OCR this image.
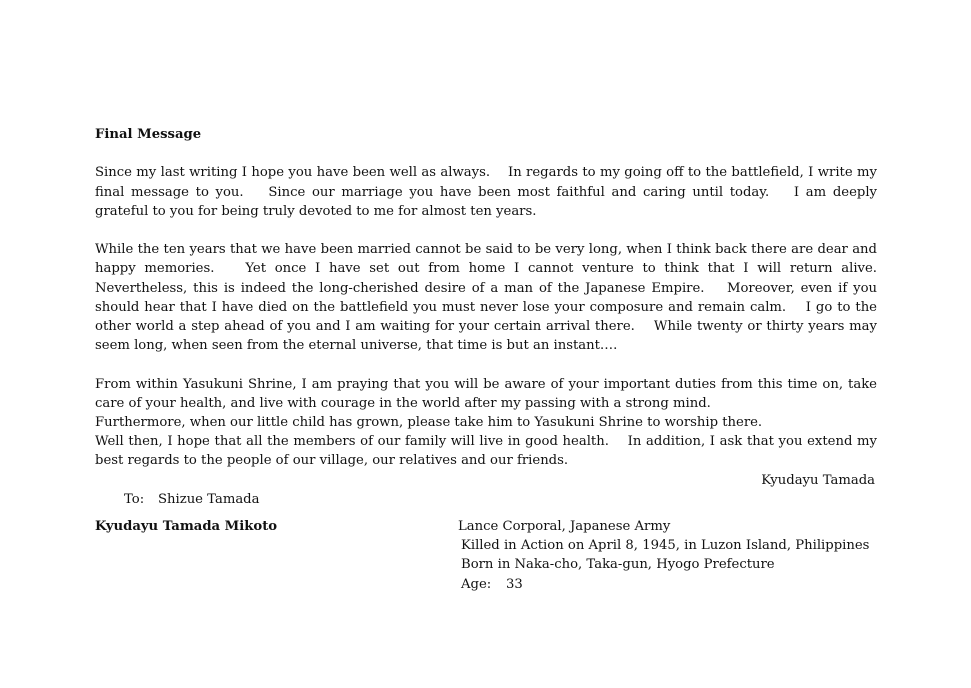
Final Message

Since my last writing I hope you have been well as always.　 In regards to my going off to the battlefield, I write my final message to you.　 Since our marriage you have been most faithful and caring until today.　 I am deeply grateful to you for being truly devoted to me for almost ten years.

While the ten years that we have been married cannot be said to be very long, when I think back there are dear and happy memories.　 Yet once I have set out from home I cannot venture to think that I will return alive.　 Nevertheless, this is indeed the long-cherished desire of a man of the Japanese Empire.　 Moreover, even if you should hear that I have died on the battlefield you must never lose your composure and remain calm.　 I go to the other world a step ahead of you and I am waiting for your certain arrival there.　 While twenty or thirty years may seem long, when seen from the eternal universe, that time is but an instant….

From within Yasukuni Shrine, I am praying that you will be aware of your important duties from this time on, take care of your health, and live with courage in the world after my passing with a strong mind.

Furthermore, when our little child has grown, please take him to Yasukuni Shrine to worship there.

Well then, I hope that all the members of our family will live in good health.　 In addition, I ask that you extend my best regards to the people of our village, our relatives and our friends.

Kyudayu Tamada

To: Shizue Tamada

Kyudayu Tamada Mikoto	Lance Corporal, Japanese Army
Killed in Action on April 8, 1945, in Luzon Island, Philippines
Born in Naka-cho, Taka-gun, Hyogo Prefecture
Age: 33
